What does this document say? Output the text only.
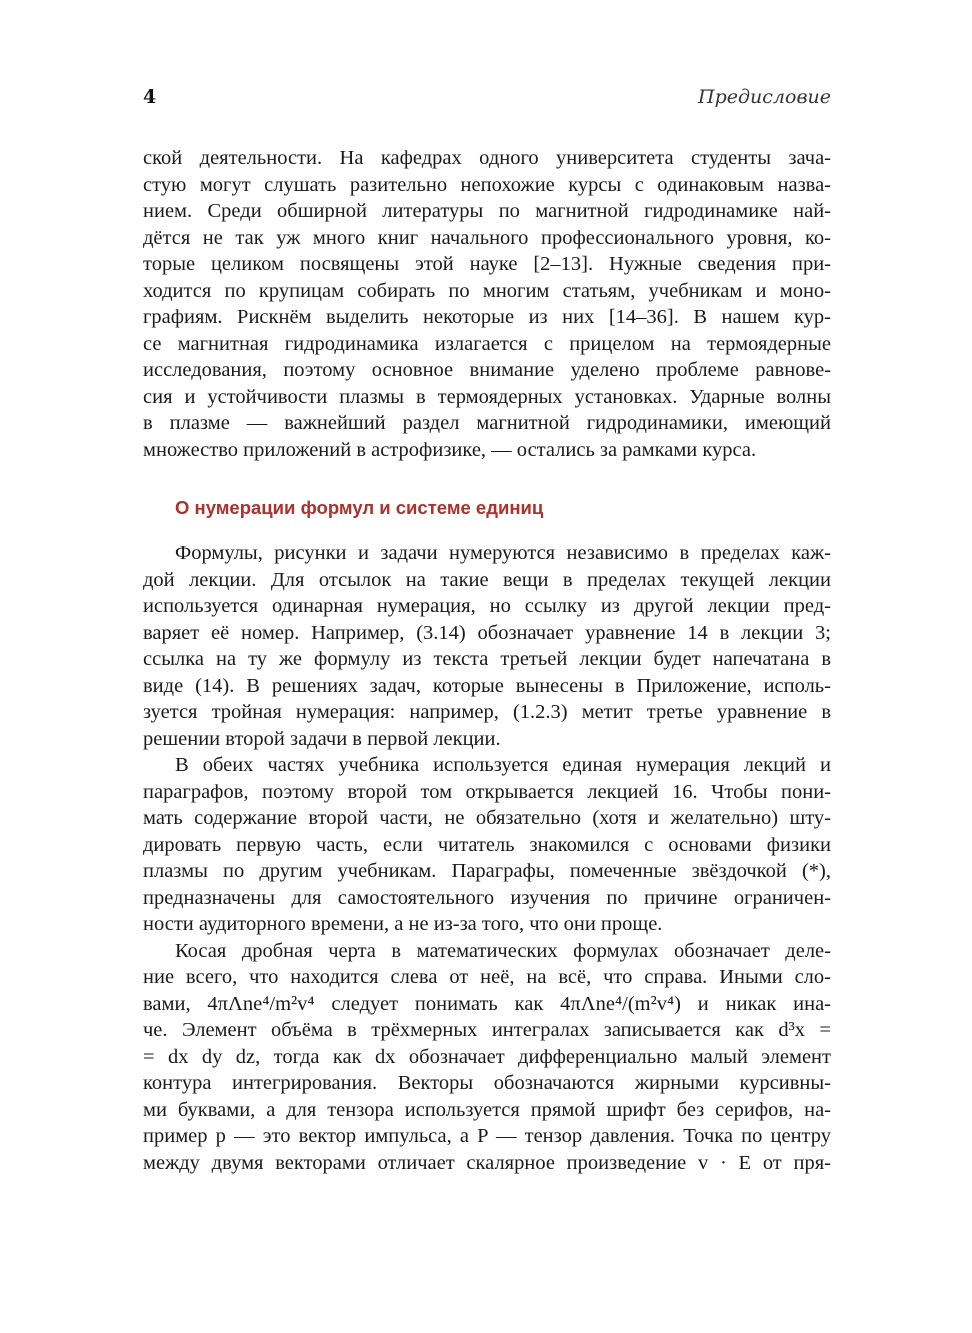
4	Предисловие
ской деятельности. На кафедрах одного университета студенты зача-
стую могут слушать разительно непохожие курсы с одинаковым назва-
нием. Среди обширной литературы по магнитной гидродинамике най-
дётся не так уж много книг начального профессионального уровня, ко-
торые целиком посвящены этой науке [2–13]. Нужные сведения при-
ходится по крупицам собирать по многим статьям, учебникам и моно-
графиям. Рискнём выделить некоторые из них [14–36]. В нашем кур-
се магнитная гидродинамика излагается с прицелом на термоядерные
исследования, поэтому основное внимание уделено проблеме равнове-
сия и устойчивости плазмы в термоядерных установках. Ударные волны
в плазме — важнейший раздел магнитной гидродинамики, имеющий
множество приложений в астрофизике, — остались за рамками курса.
О нумерации формул и системе единиц
Формулы, рисунки и задачи нумеруются независимо в пределах каж-
дой лекции. Для отсылок на такие вещи в пределах текущей лекции
используется одинарная нумерация, но ссылку из другой лекции пред-
варяет её номер. Например, (3.14) обозначает уравнение 14 в лекции 3;
ссылка на ту же формулу из текста третьей лекции будет напечатана в
виде (14). В решениях задач, которые вынесены в Приложение, исполь-
зуется тройная нумерация: например, (1.2.3) метит третье уравнение в
решении второй задачи в первой лекции.
В обеих частях учебника используется единая нумерация лекций и
параграфов, поэтому второй том открывается лекцией 16. Чтобы пони-
мать содержание второй части, не обязательно (хотя и желательно) шту-
дировать первую часть, если читатель знакомился с основами физики
плазмы по другим учебникам. Параграфы, помеченные звёздочкой (*),
предназначены для самостоятельного изучения по причине ограничен-
ности аудиторного времени, а не из-за того, что они проще.
Косая дробная черта в математических формулах обозначает деле-
ние всего, что находится слева от неё, на всё, что справа. Иными сло-
вами, 4πΛne⁴/m²v⁴ следует понимать как 4πΛne⁴/(m²v⁴) и никак ина-
че. Элемент объёма в трёхмерных интегралах записывается как d³x =
= dx dy dz, тогда как dx обозначает дифференциально малый элемент
контура интегрирования. Векторы обозначаются жирными курсивны-
ми буквами, а для тензора используется прямой шрифт без серифов, на-
пример p — это вектор импульса, а P — тензор давления. Точка по центру
между двумя векторами отличает скалярное произведение v · E от пря-
